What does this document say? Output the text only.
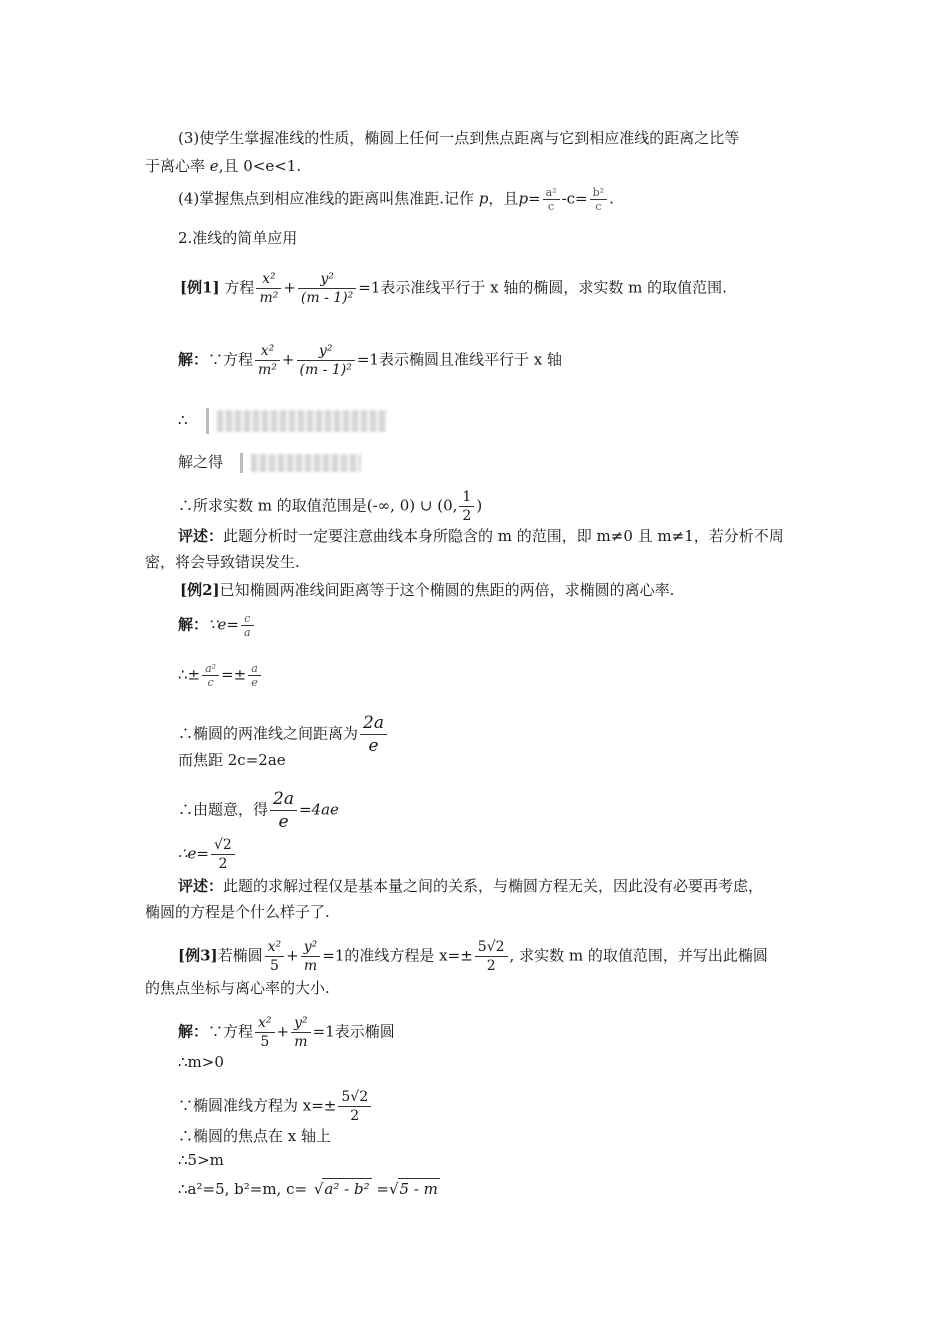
(3)使学生掌握准线的性质，椭圆上任何一点到焦点距离与它到相应准线的距离之比等
于离心率 e,且 0<e<1.
(4)掌握焦点到相应准线的距离叫焦准距.记作 p，且$p= \frac{\text{a²}}{c} -c= \frac{\text{b²}}{c}$ .
2.准线的简单应用
[例1] 方程 $\frac{\text{x²}}{\text{m²}} + \frac{\text{y²}}{\text{(m - 1)²}} =1$表示准线平行于 x 轴的椭圆，求实数 m 的取值范围.
解：∵方程 $\frac{\text{x²}}{\text{m²}} + \frac{\text{y²}}{\text{(m - 1)²}} =1$表示椭圆且准线平行于 x 轴
∴
解之得
∴所求实数 m 的取值范围是(-∞, 0) ∪ (0, $\frac{1}{2}$ )
评述：此题分析时一定要注意曲线本身所隐含的 m 的范围，即 m≠0 且 m≠1，若分析不周
密，将会导致错误发生.
[例2]已知椭圆两准线间距离等于这个椭圆的焦距的两倍，求椭圆的离心率.
解：∵e= $\frac{c}{a}$
∴± $\frac{\text{a²}}{c} =\pm \frac{a}{e}$
∴椭圆的两准线之间距离为 $\frac{2a}{e}$
而焦距 2c=2ae
∴由题意，得 $\frac{2a}{e} =4ae$
∴e= $\frac{√2}{2}$
评述：此题的求解过程仅是基本量之间的关系，与椭圆方程无关，因此没有必要再考虑，
椭圆的方程是个什么样子了.
[例3]若椭圆 $\frac{\text{x²}}{5} + \frac{\text{y²}}{m} =1$的准线方程是 $x=\pm \frac{5√2}{2}$ , 求实数 m 的取值范围，并写出此椭圆
的焦点坐标与离心率的大小.
解：∵方程 $\frac{\text{x²}}{5} + \frac{\text{y²}}{m} =1$表示椭圆
∴m>0
∵椭圆准线方程为 $x=\pm \frac{5√2}{2}$
∴椭圆的焦点在 x 轴上
∴5>m
∴a²=5, b²=m, c= √a² - b² =√5 - m
